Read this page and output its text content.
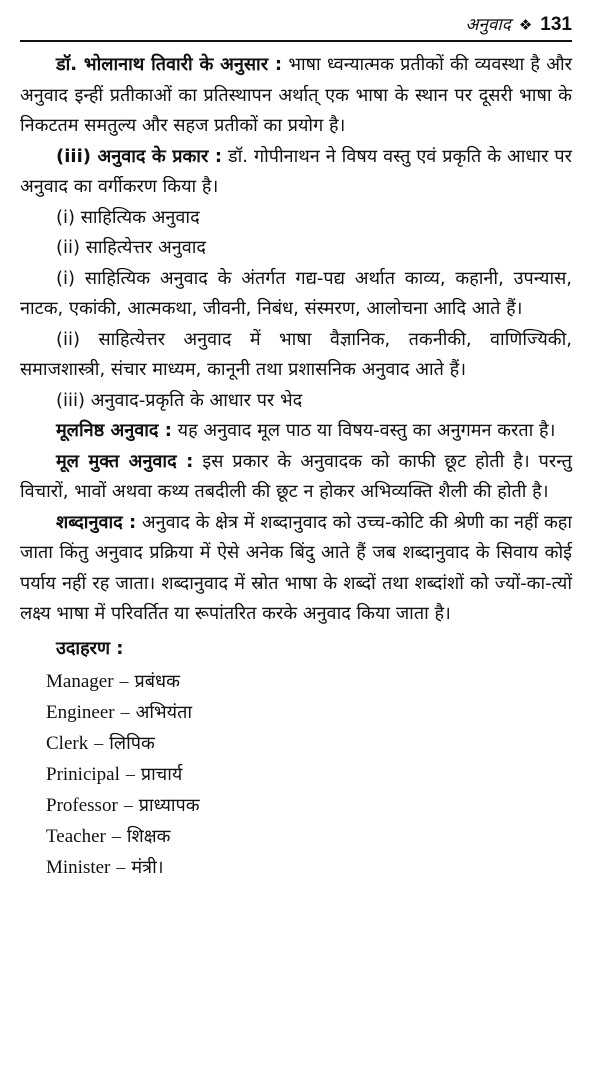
अनुवाद ❖ 131

डॉ. भोलानाथ तिवारी के अनुसार : भाषा ध्वन्यात्मक प्रतीकों की व्यवस्था है और अनुवाद इन्हीं प्रतीकाओं का प्रतिस्थापन अर्थात् एक भाषा के स्थान पर दूसरी भाषा के निकटतम समतुल्य और सहज प्रतीकों का प्रयोग है।

(iii) अनुवाद के प्रकार : डॉ. गोपीनाथन ने विषय वस्तु एवं प्रकृति के आधार पर अनुवाद का वर्गीकरण किया है।

(i) साहित्यिक अनुवाद

(ii) साहित्येत्तर अनुवाद

(i) साहित्यिक अनुवाद के अंतर्गत गद्य-पद्य अर्थात काव्य, कहानी, उपन्यास, नाटक, एकांकी, आत्मकथा, जीवनी, निबंध, संस्मरण, आलोचना आदि आते हैं।

(ii) साहित्येत्तर अनुवाद में भाषा वैज्ञानिक, तकनीकी, वाणिज्यिकी, समाजशास्त्री, संचार माध्यम, कानूनी तथा प्रशासनिक अनुवाद आते हैं।

(iii) अनुवाद-प्रकृति के आधार पर भेद

मूलनिष्ठ अनुवाद : यह अनुवाद मूल पाठ या विषय-वस्तु का अनुगमन करता है।

मूल मुक्त अनुवाद : इस प्रकार के अनुवादक को काफी छूट होती है। परन्तु विचारों, भावों अथवा कथ्य तबदीली की छूट न होकर अभिव्यक्ति शैली की होती है।

शब्दानुवाद : अनुवाद के क्षेत्र में शब्दानुवाद को उच्च-कोटि की श्रेणी का नहीं कहा जाता किंतु अनुवाद प्रक्रिया में ऐसे अनेक बिंदु आते हैं जब शब्दानुवाद के सिवाय कोई पर्याय नहीं रह जाता। शब्दानुवाद में स्रोत भाषा के शब्दों तथा शब्दांशों को ज्यों-का-त्यों लक्ष्य भाषा में परिवर्तित या रूपांतरित करके अनुवाद किया जाता है।

उदाहरण :

Manager – प्रबंधक
Engineer – अभियंता
Clerk – लिपिक
Prinicipal – प्राचार्य
Professor – प्राध्यापक
Teacher – शिक्षक
Minister – मंत्री।
